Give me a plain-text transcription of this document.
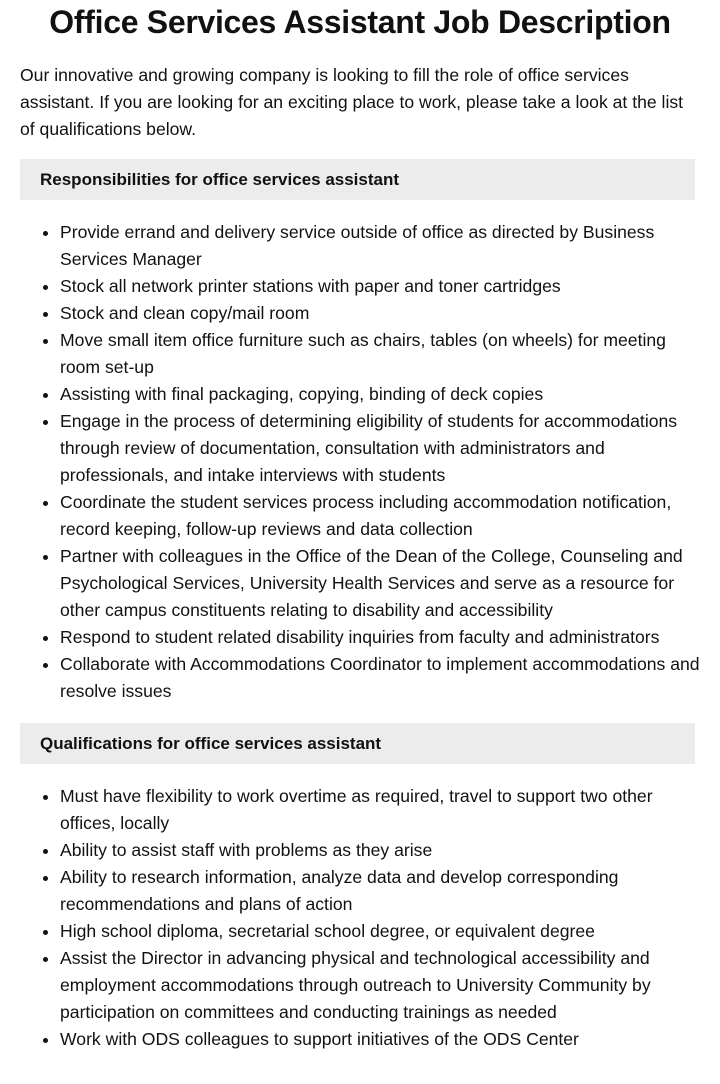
Office Services Assistant Job Description

Our innovative and growing company is looking to fill the role of office services assistant. If you are looking for an exciting place to work, please take a look at the list of qualifications below.

Responsibilities for office services assistant
• Provide errand and delivery service outside of office as directed by Business Services Manager
• Stock all network printer stations with paper and toner cartridges
• Stock and clean copy/mail room
• Move small item office furniture such as chairs, tables (on wheels) for meeting room set-up
• Assisting with final packaging, copying, binding of deck copies
• Engage in the process of determining eligibility of students for accommodations through review of documentation, consultation with administrators and professionals, and intake interviews with students
• Coordinate the student services process including accommodation notification, record keeping, follow-up reviews and data collection
• Partner with colleagues in the Office of the Dean of the College, Counseling and Psychological Services, University Health Services and serve as a resource for other campus constituents relating to disability and accessibility
• Respond to student related disability inquiries from faculty and administrators
• Collaborate with Accommodations Coordinator to implement accommodations and resolve issues
Qualifications for office services assistant
• Must have flexibility to work overtime as required, travel to support two other offices, locally
• Ability to assist staff with problems as they arise
• Ability to research information, analyze data and develop corresponding recommendations and plans of action
• High school diploma, secretarial school degree, or equivalent degree
• Assist the Director in advancing physical and technological accessibility and employment accommodations through outreach to University Community by participation on committees and conducting trainings as needed
• Work with ODS colleagues to support initiatives of the ODS Center
